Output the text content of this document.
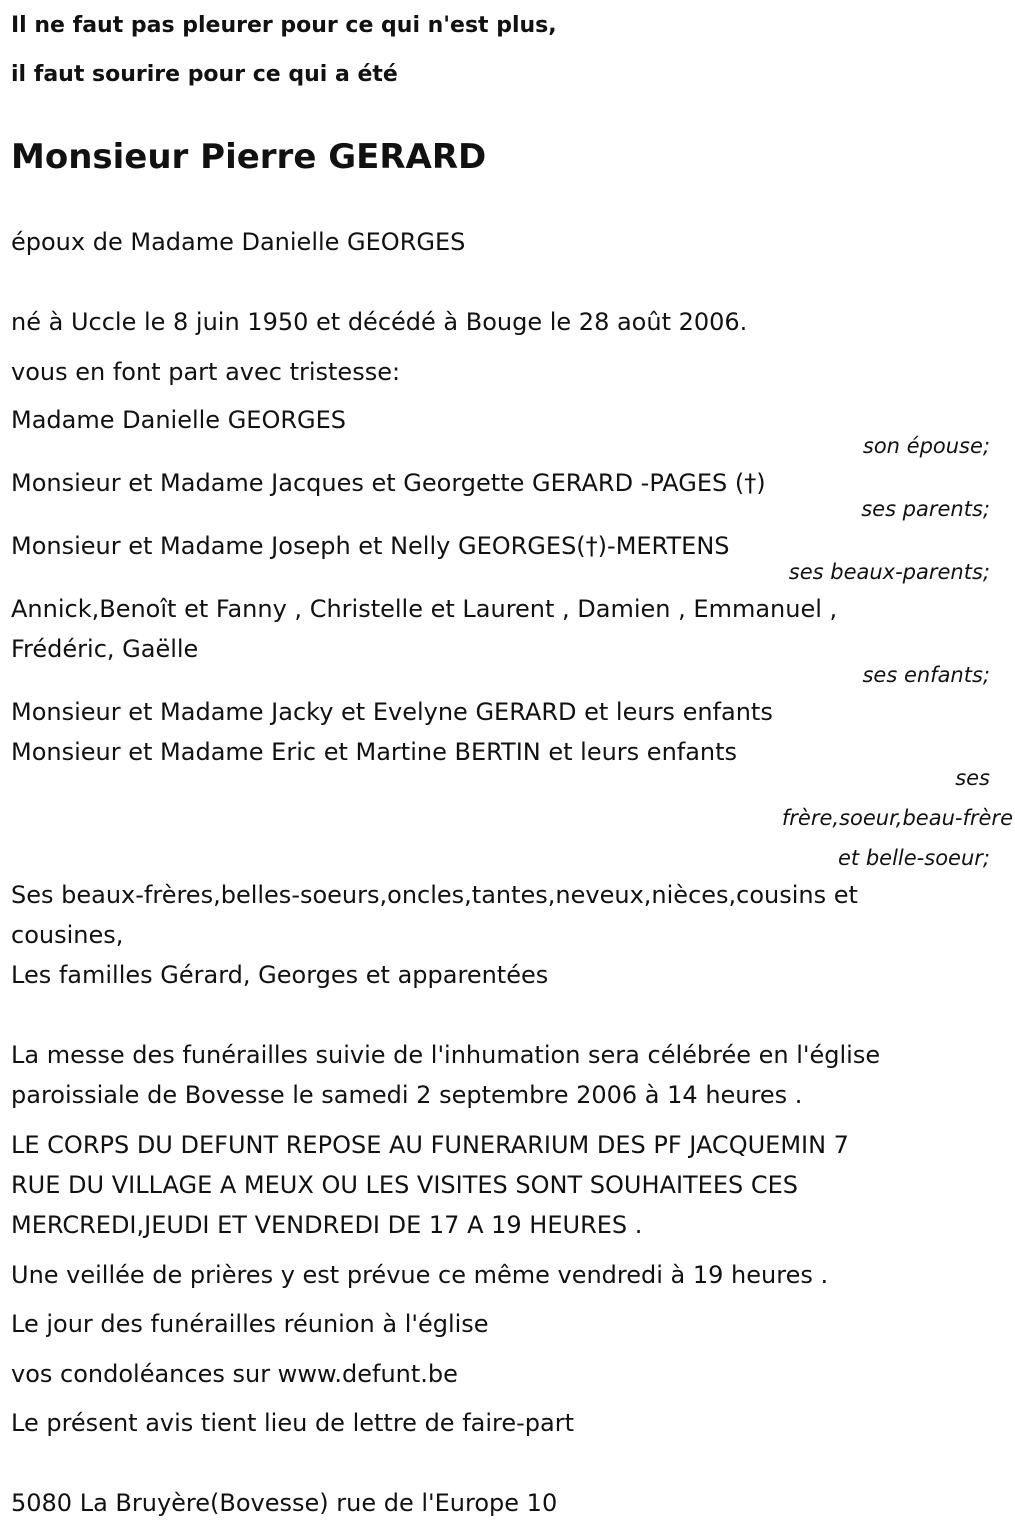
Il ne faut pas pleurer pour ce qui n'est plus,
il faut sourire pour ce qui a été
Monsieur Pierre GERARD
époux de Madame Danielle GEORGES
né à Uccle le 8 juin 1950 et décédé à Bouge le 28 août 2006.
vous en font part avec tristesse:
Madame Danielle GEORGES
son épouse;
Monsieur et Madame Jacques et Georgette GERARD -PAGES (†)
ses parents;
Monsieur et Madame Joseph et Nelly GEORGES(†)-MERTENS
ses beaux-parents;
Annick,Benoît et Fanny , Christelle et Laurent , Damien , Emmanuel ,
Frédéric, Gaëlle
ses enfants;
Monsieur et Madame Jacky et Evelyne GERARD et leurs enfants
Monsieur et Madame Eric et Martine BERTIN et leurs enfants
ses
frère,soeur,beau-frère
et belle-soeur;
Ses beaux-frères,belles-soeurs,oncles,tantes,neveux,nièces,cousins et
cousines,
Les familles Gérard, Georges et apparentées
La messe des funérailles suivie de l'inhumation sera célébrée en l'église
paroissiale de Bovesse le samedi 2 septembre 2006 à 14 heures .
LE CORPS DU DEFUNT REPOSE AU FUNERARIUM DES PF JACQUEMIN 7
RUE DU VILLAGE A MEUX OU LES VISITES SONT SOUHAITEES CES
MERCREDI,JEUDI ET VENDREDI DE 17 A 19 HEURES .
Une veillée de prières y est prévue ce même vendredi à 19 heures .
Le jour des funérailles réunion à l'église
vos condoléances sur www.defunt.be
Le présent avis tient lieu de lettre de faire-part
5080 La Bruyère(Bovesse) rue de l'Europe 10
